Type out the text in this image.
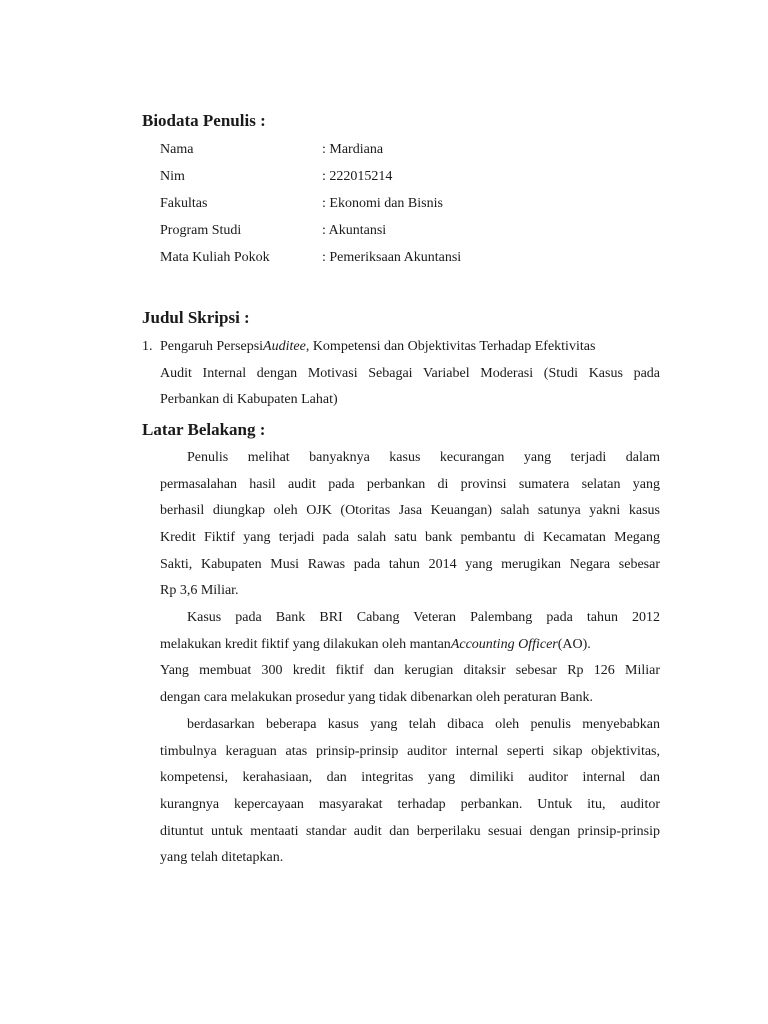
Biodata Penulis :
Nama	: Mardiana
Nim	: 222015214
Fakultas	: Ekonomi dan Bisnis
Program Studi	: Akuntansi
Mata Kuliah Pokok	: Pemeriksaan Akuntansi
Judul Skripsi :
1. Pengaruh PersepsiAuditee, Kompetensi dan Objektivitas Terhadap Efektivitas
Audit Internal dengan Motivasi Sebagai Variabel Moderasi (Studi Kasus pada
Perbankan di Kabupaten Lahat)
Latar Belakang :
Penulis melihat banyaknya kasus kecurangan yang terjadi dalam
permasalahan hasil audit pada perbankan di provinsi sumatera selatan yang
berhasil diungkap oleh OJK (Otoritas Jasa Keuangan) salah satunya yakni kasus
Kredit Fiktif yang terjadi pada salah satu bank pembantu di Kecamatan Megang
Sakti, Kabupaten Musi Rawas pada tahun 2014 yang merugikan Negara sebesar
Rp 3,6 Miliar.
Kasus pada Bank BRI Cabang Veteran Palembang pada tahun 2012
melakukan kredit fiktif yang dilakukan oleh mantanAccounting Officer(AO).
Yang membuat 300 kredit fiktif dan kerugian ditaksir sebesar Rp 126 Miliar
dengan cara melakukan prosedur yang tidak dibenarkan oleh peraturan Bank.
berdasarkan beberapa kasus yang telah dibaca oleh penulis menyebabkan
timbulnya keraguan atas prinsip-prinsip auditor internal seperti sikap objektivitas,
kompetensi, kerahasiaan, dan integritas yang dimiliki auditor internal dan
kurangnya kepercayaan masyarakat terhadap perbankan. Untuk itu, auditor
dituntut untuk mentaati standar audit dan berperilaku sesuai dengan prinsip-prinsip
yang telah ditetapkan.
